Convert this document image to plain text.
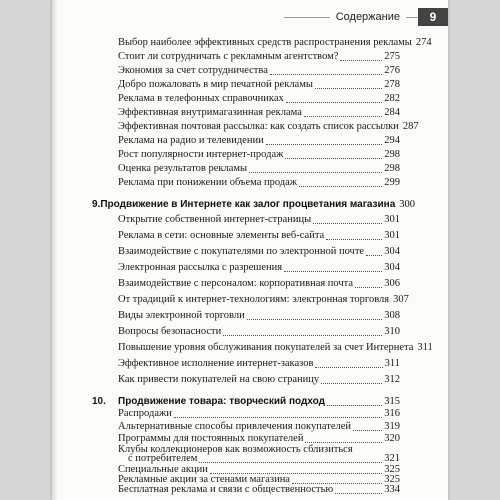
Содержание	9
Выбор наиболее эффективных средств распространения рекламы 274
Стоит ли сотрудничать с рекламным агентством?	275
Экономия за счет сотрудничества	276
Добро пожаловать в мир печатной рекламы	278
Реклама в телефонных справочниках	282
Эффективная внутримагазинная реклама	284
Эффективная почтовая рассылка: как создать список рассылки 287
Реклама на радио и телевидении	294
Рост популярности интернет-продаж	298
Оценка результатов рекламы	298
Реклама при понижении объема продаж	299
9. Продвижение в Интернете как залог процветания магазина 300
Открытие собственной интернет-страницы	301
Реклама в сети: основные элементы веб-сайта	301
Взаимодействие с покупателями по электронной почте 304
Электронная рассылка с разрешения	304
Взаимодействие с персоналом: корпоративная почта	306
От традиций к интернет-технологиям: электронная торговля 307
Виды электронной торговли	308
Вопросы безопасности	310
Повышение уровня обслуживания покупателей за счет Интернета 311
Эффективное исполнение интернет-заказов	311
Как привести покупателей на свою страницу	312
10.	Продвижение товара: творческий подход	315
Распродажи	316
Альтернативные способы привлечения покупателей	319
Программы для постоянных покупателей	320
Клубы коллекционеров как возможность сблизиться
с потребителем	321
Специальные акции	325
Рекламные акции за стенами магазина	325
Бесплатная реклама и связи с общественностью	334
